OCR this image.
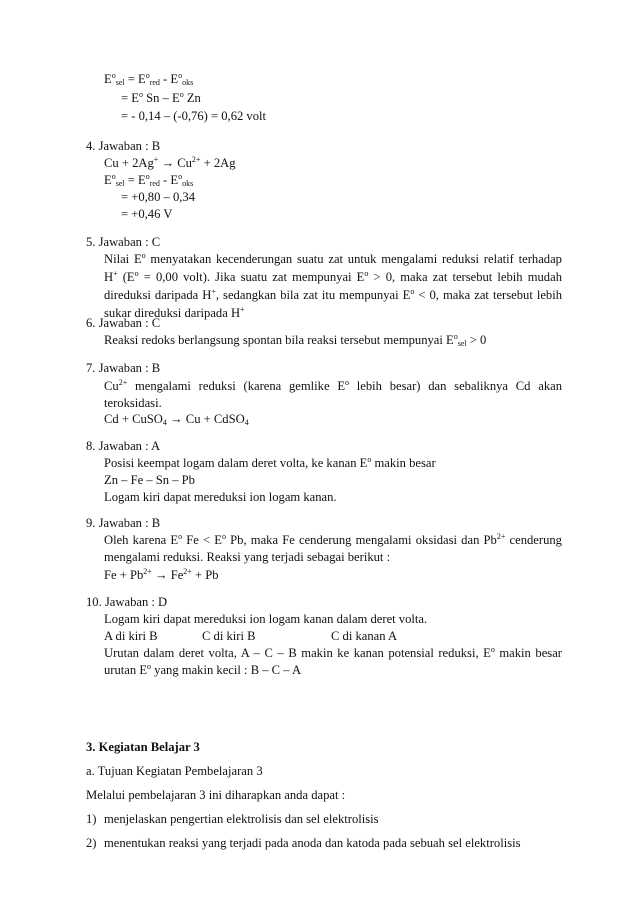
$E^o_{sel} = E^o_{red} - E^o_{oks}$
= $E^o$ Sn – $E^o$ Zn
= - 0,14 – (-0,76) = 0,62 volt
4. Jawaban : B
$Cu + 2Ag^+ \to Cu^{2+} + 2Ag$
$E^o_{sel} = E^o_{red} - E^o_{oks}$
= +0,80 – 0,34
= +0,46 V
5. Jawaban : C
Nilai $E^o$ menyatakan kecenderungan suatu zat untuk mengalami reduksi relatif terhadap
H+ ($E^o = 0,00$ volt). Jika suatu zat mempunyai $E^o > 0$, maka zat tersebut lebih mudah
direduksi daripada H+, sedangkan bila zat itu mempunyai $E^o < 0$, maka zat tersebut lebih
sukar direduksi daripada H+
6. Jawaban : C
Reaksi redoks berlangsung spontan bila reaksi tersebut mempunyai $E^o_{sel} > 0$
7. Jawaban : B
$Cu^{2+}$ mengalami reduksi (karena gemlike $E^o$ lebih besar) dan sebaliknya Cd akan
teroksidasi.
Cd + CuSO$_4$ → Cu + CdSO$_4$
8. Jawaban : A
Posisi keempat logam dalam deret volta, ke kanan $E^o$ makin besar
Zn – Fe – Sn – Pb
Logam kiri dapat mereduksi ion logam kanan.
9. Jawaban : B
Oleh karena $E^o$ $Fe < E^o$ Pb, maka Fe cenderung mengalami oksidasi dan $Pb^{2+}$ cenderung
mengalami reduksi. Reaksi yang terjadi sebagai berikut :
$Fe + Pb^{2+} \to Fe^{2+} + Pb$
10. Jawaban : D
Logam kiri dapat mereduksi ion logam kanan dalam deret volta.
A di kiri B	C di kiri B	C di kanan A
Urutan dalam deret volta, A – C – B makin ke kanan potensial reduksi, $E^o$ makin besar
urutan $E^o$ yang makin kecil : B – C – A
3. Kegiatan Belajar 3
a. Tujuan Kegiatan Pembelajaran 3
Melalui pembelajaran 3 ini diharapkan anda dapat :
1) menjelaskan pengertian elektrolisis dan sel elektrolisis
2) menentukan reaksi yang terjadi pada anoda dan katoda pada sebuah sel elektrolisis
